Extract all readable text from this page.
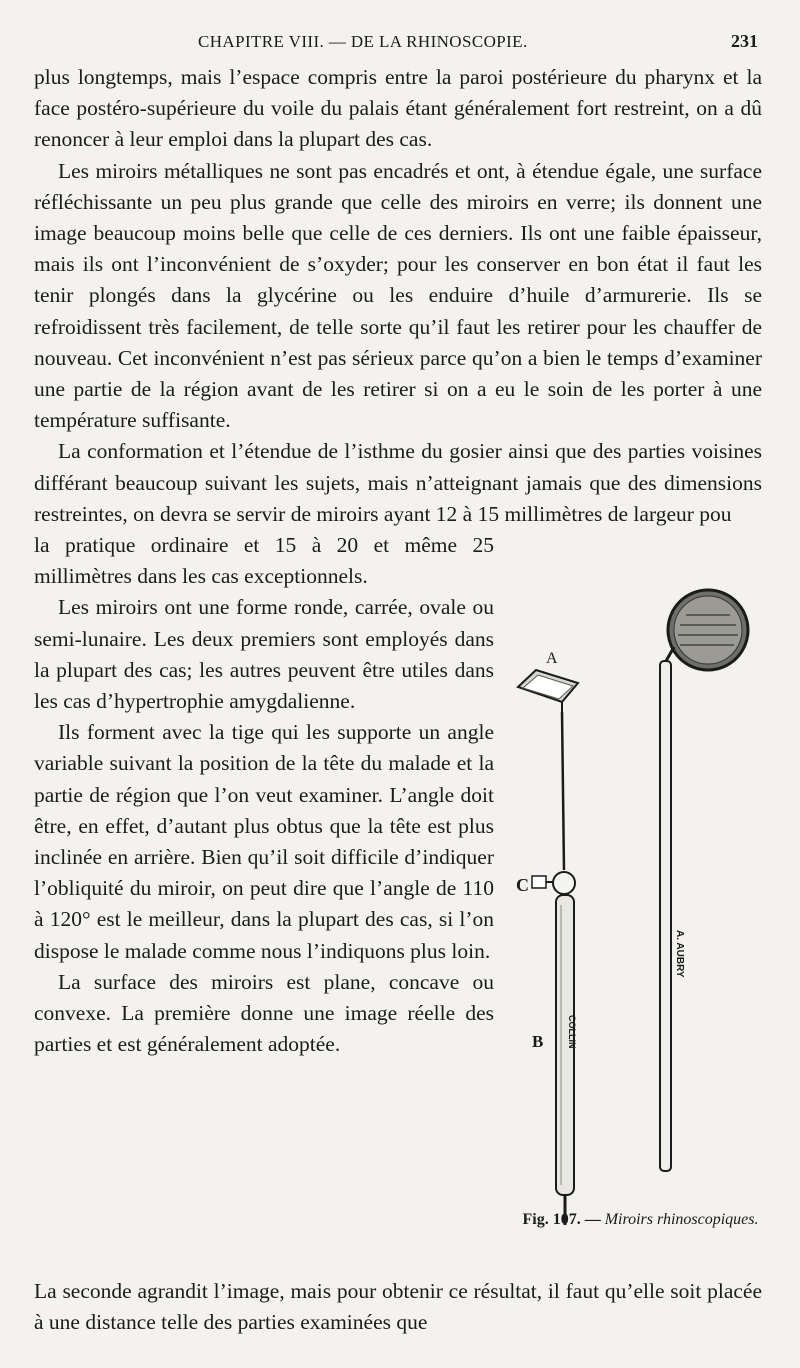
CHAPITRE VIII. — DE LA RHINOSCOPIE.	231

plus longtemps, mais l’espace compris entre la paroi postérieure du pharynx et la face postéro-supérieure du voile du palais étant généralement fort restreint, on a dû renoncer à leur emploi dans la plupart des cas.

Les miroirs métalliques ne sont pas encadrés et ont, à étendue égale, une surface réfléchissante un peu plus grande que celle des miroirs en verre; ils donnent une image beaucoup moins belle que celle de ces derniers. Ils ont une faible épaisseur, mais ils ont l’inconvénient de s’oxyder; pour les conserver en bon état il faut les tenir plongés dans la glycérine ou les enduire d’huile d’armurerie. Ils se refroidissent très facilement, de telle sorte qu’il faut les retirer pour les chauffer de nouveau. Cet inconvénient n’est pas sérieux parce qu’on a bien le temps d’examiner une partie de la région avant de les retirer si on a eu le soin de les porter à une température suffisante.

La conformation et l’étendue de l’isthme du gosier ainsi que des parties voisines différant beaucoup suivant les sujets, mais n’atteignant jamais que des dimensions restreintes, on devra se servir de miroirs ayant 12 à 15 millimètres de largeur pou

la pratique ordinaire et 15 à 20 et même 25 millimètres dans les cas exceptionnels.

Les miroirs ont une forme ronde, carrée, ovale ou semi-lunaire. Les deux premiers sont employés dans la plupart des cas; les autres peuvent être utiles dans les cas d’hypertrophie amygdalienne.

Ils forment avec la tige qui les supporte un angle variable suivant la position de la tête du malade et la partie de région que l’on veut examiner. L’angle doit être, en effet, d’autant plus obtus que la tête est plus inclinée en arrière. Bien qu’il soit difficile d’indiquer l’obliquité du miroir, on peut dire que l’angle de 110 à 120° est le meilleur, dans la plupart des cas, si l’on dispose le malade comme nous l’indiquons plus loin.

La surface des miroirs est plane, concave ou convexe. La première donne une image réelle des parties et est généralement adoptée.

A
C
COLLIN
B
A. AUBRY
Fig. 107. — Miroirs rhinoscopiques.

La seconde agrandit l’image, mais pour obtenir ce résultat, il faut qu’elle soit placée à une distance telle des parties examinées que
